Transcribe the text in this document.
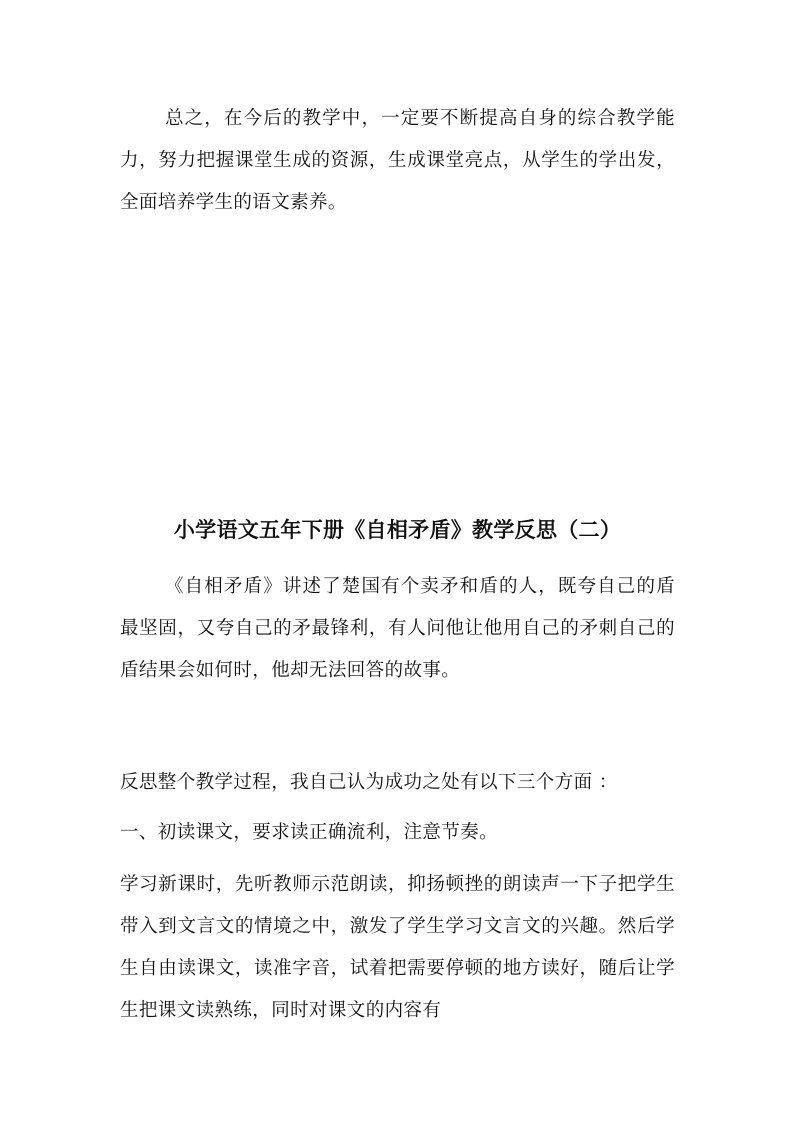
总之，在今后的教学中，一定要不断提高自身的综合教学能力，努力把握课堂生成的资源，生成课堂亮点，从学生的学出发，全面培养学生的语文素养。

小学语文五年下册《自相矛盾》教学反思（二）

《自相矛盾》讲述了楚国有个卖矛和盾的人，既夸自己的盾最坚固，又夸自己的矛最锋利，有人问他让他用自己的矛刺自己的盾结果会如何时，他却无法回答的故事。

反思整个教学过程，我自己认为成功之处有以下三个方面 ：

一、初读课文，要求读正确流利，注意节奏。

学习新课时，先听教师示范朗读，抑扬顿挫的朗读声一下子把学生带入到文言文的情境之中，激发了学生学习文言文的兴趣。然后学生自由读课文，读准字音，试着把需要停顿的地方读好，随后让学生把课文读熟练，同时对课文的内容有
